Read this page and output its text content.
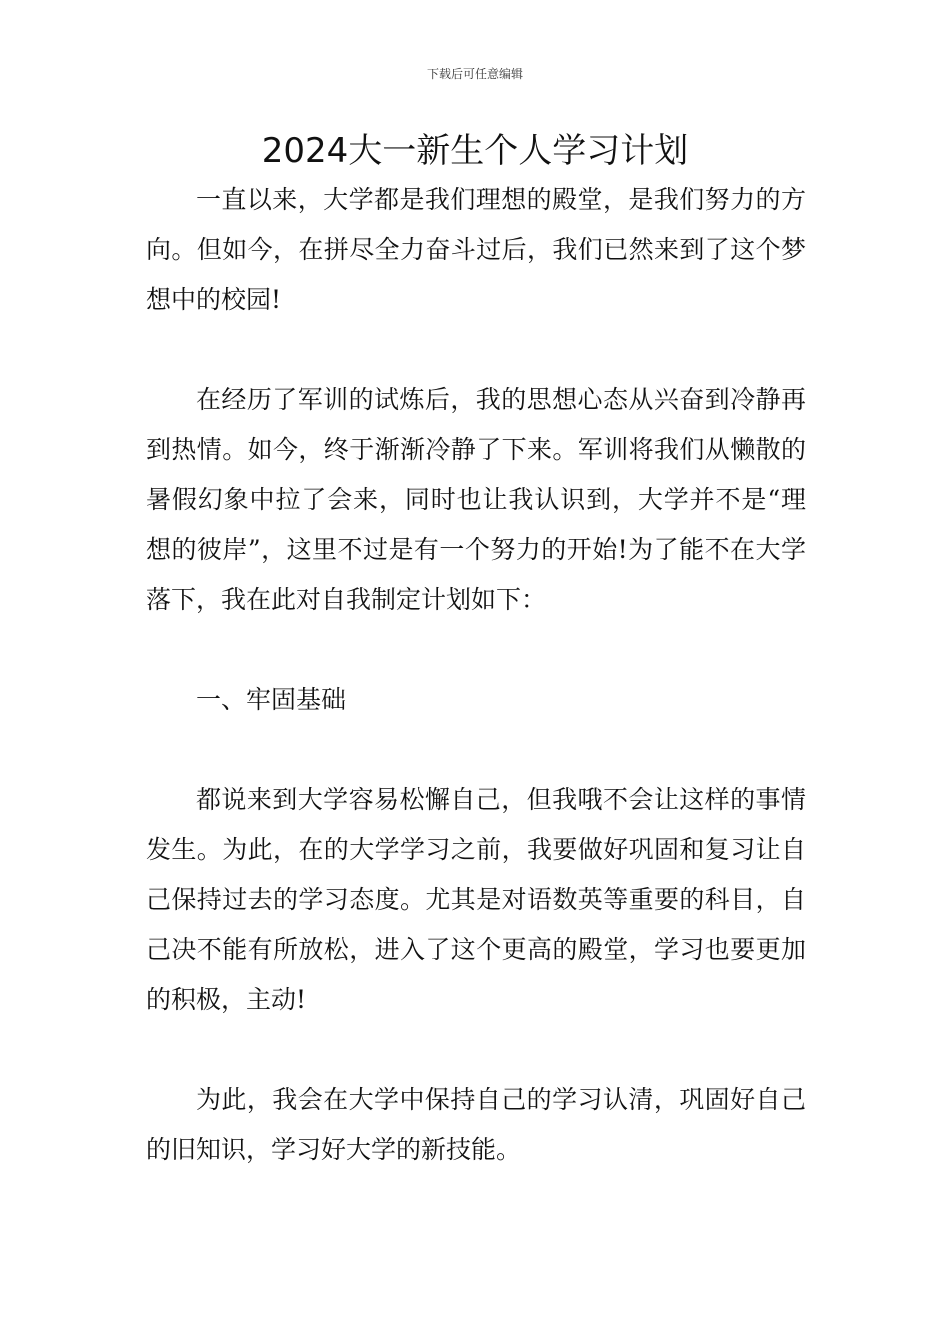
下载后可任意编辑
2024大一新生个人学习计划

一直以来，大学都是我们理想的殿堂，是我们努力的方向。但如今，在拼尽全力奋斗过后，我们已然来到了这个梦想中的校园!

在经历了军训的试炼后，我的思想心态从兴奋到冷静再到热情。如今，终于渐渐冷静了下来。军训将我们从懒散的暑假幻象中拉了会来，同时也让我认识到，大学并不是“理想的彼岸”，这里不过是有一个努力的开始!为了能不在大学落下，我在此对自我制定计划如下：

一、牢固基础

都说来到大学容易松懈自己，但我哦不会让这样的事情发生。为此，在的大学学习之前，我要做好巩固和复习让自己保持过去的学习态度。尤其是对语数英等重要的科目，自己决不能有所放松，进入了这个更高的殿堂，学习也要更加的积极，主动!

为此，我会在大学中保持自己的学习认清，巩固好自己的旧知识，学习好大学的新技能。
